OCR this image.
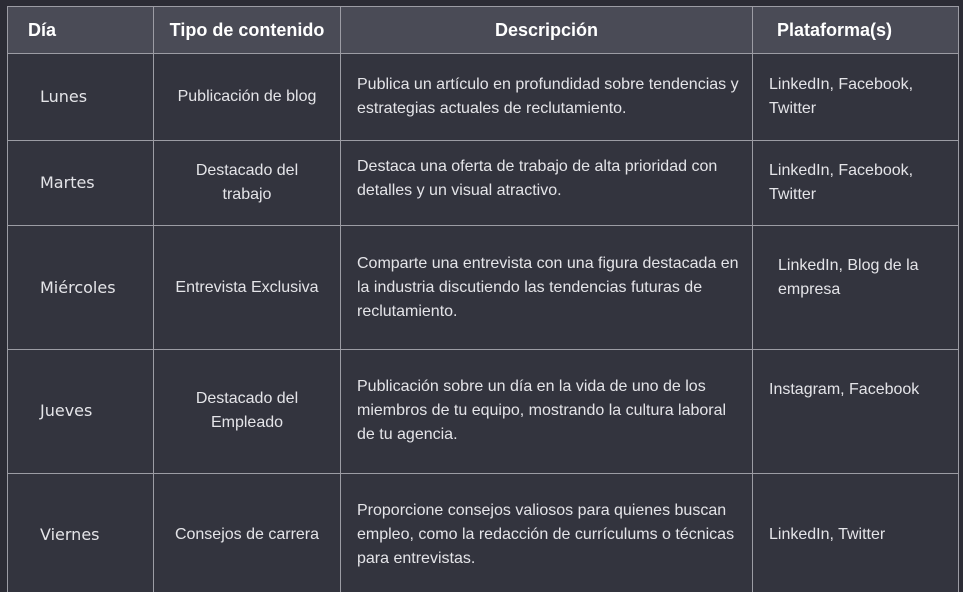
Día	Tipo de contenido	Descripción	Plataforma(s)
Lunes	Publicación de blog	Publica un artículo en profundidad sobre tendencias y estrategias actuales de reclutamiento.	LinkedIn, Facebook, Twitter
Martes	Destacado del trabajo	Destaca una oferta de trabajo de alta prioridad con detalles y un visual atractivo.	LinkedIn, Facebook, Twitter
Miércoles	Entrevista Exclusiva	Comparte una entrevista con una figura destacada en la industria discutiendo las tendencias futuras de reclutamiento.	LinkedIn, Blog de la empresa
Jueves	Destacado del Empleado	Publicación sobre un día en la vida de uno de los miembros de tu equipo, mostrando la cultura laboral de tu agencia.	Instagram, Facebook
Viernes	Consejos de carrera	Proporcione consejos valiosos para quienes buscan empleo, como la redacción de currículums o técnicas para entrevistas.	LinkedIn, Twitter
